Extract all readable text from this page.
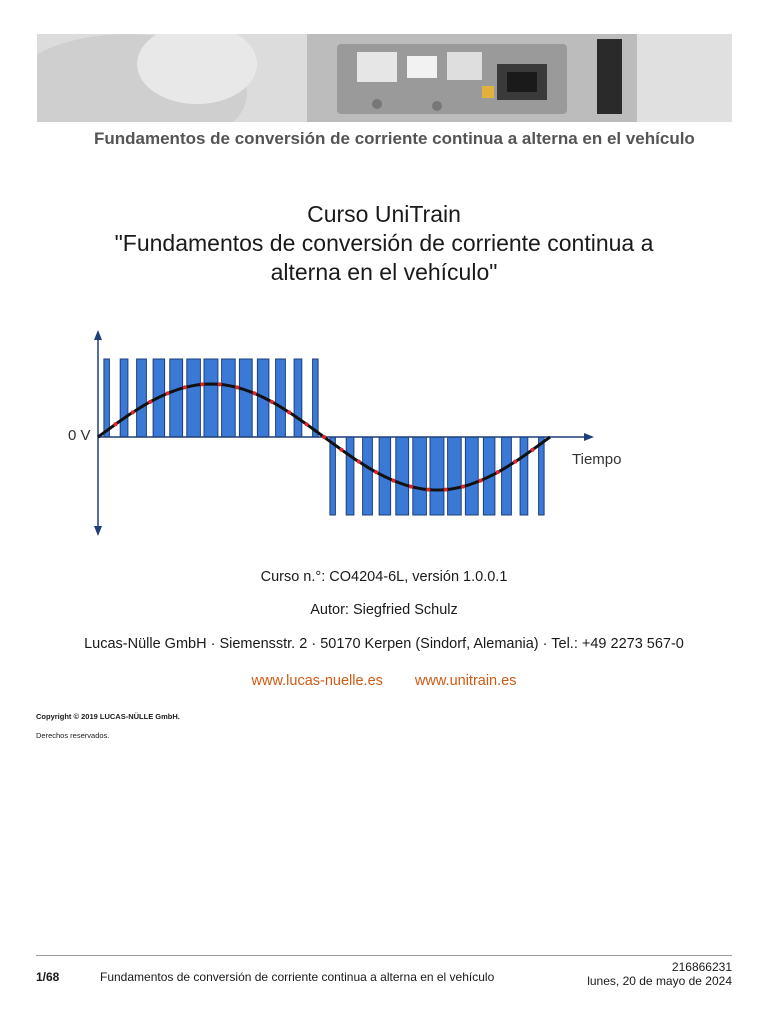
Fundamentos de conversión de corriente continua a alterna en el vehículo
Curso UniTrain
"Fundamentos de conversión de corriente continua a
alterna en el vehículo"
0 V
Tiempo
Curso n.°: CO4204-6L, versión 1.0.0.1
Autor: Siegfried Schulz
Lucas-Nülle GmbH · Siemensstr. 2 · 50170 Kerpen (Sindorf, Alemania) · Tel.: +49 2273 567-0
www.lucas-nuelle.es www.unitrain.es
Copyright © 2019 LUCAS-NÜLLE GmbH.
Derechos reservados.
1/68	Fundamentos de conversión de corriente continua a alterna en el vehículo
216866231
lunes, 20 de mayo de 2024
